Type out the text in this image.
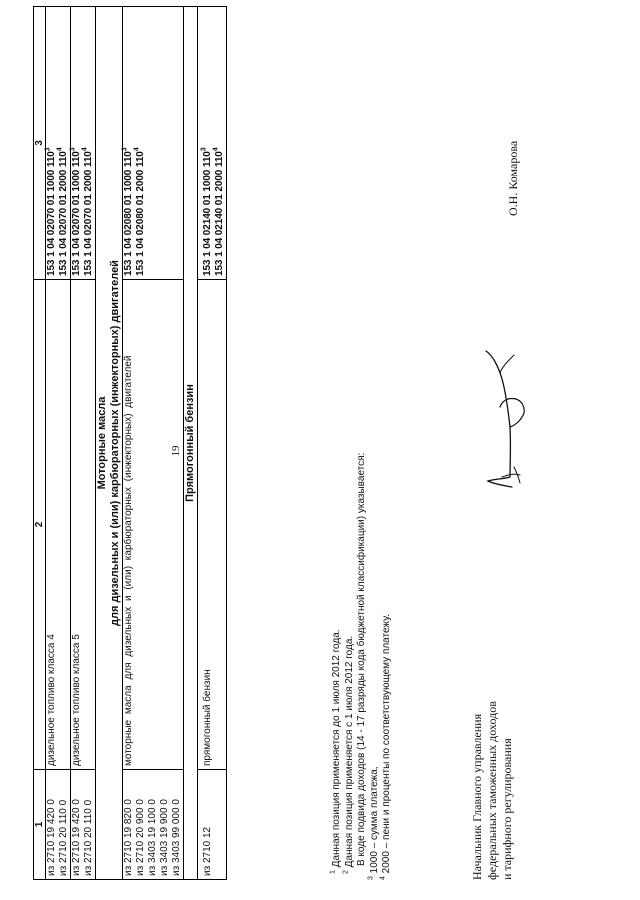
19
1	2	3

из 2710 19 420 0 из 2710 20 110 0	дизельное топливо класса 4	153 1 04 02070 01 1000 $110^3$
153 1 04 02070 01 2000 $110^4$

из 2710 19 420 0 из 2710 20 110 0	дизельное топливо класса 5	153 1 04 02070 01 1000 $110^3$
153 1 04 02070 01 2000 $110^4$

Моторные масла для дизельных и (или) карбюраторных (инжекторных) двигателей		

из 2710 19 820 0 из 2710 20 900 0 из 3403 19 100 0 из 3403 19 900 0 из 3403 99 000 0	моторные масла для дизельных и (или) карбюраторных (инжекторных) двигателей	153 1 04 02080 01 1000 $110^3$
153 1 04 02080 01 2000 $110^4$

Прямогонный бензин		

из 2710 12	прямогонный бензин	153 1 04 02140 01 1000 $110^3$
153 1 04 02140 01 2000 $110^4$
$^1$ Данная позиция применяется до 1 июля 2012 года.
$^2$ Данная позиция применяется с 1 июля 2012 года. В коде подвида доходов (14 - 17 разряды кода бюджетной классификации) указывается:
$^3$ 1000 – сумма платежа,
$^4$ 2000 – пени и проценты по соответствующему платежу.	Начальник Главного управления федеральных таможенных доходов и тарифного регулирования
О.Н. Комарова
